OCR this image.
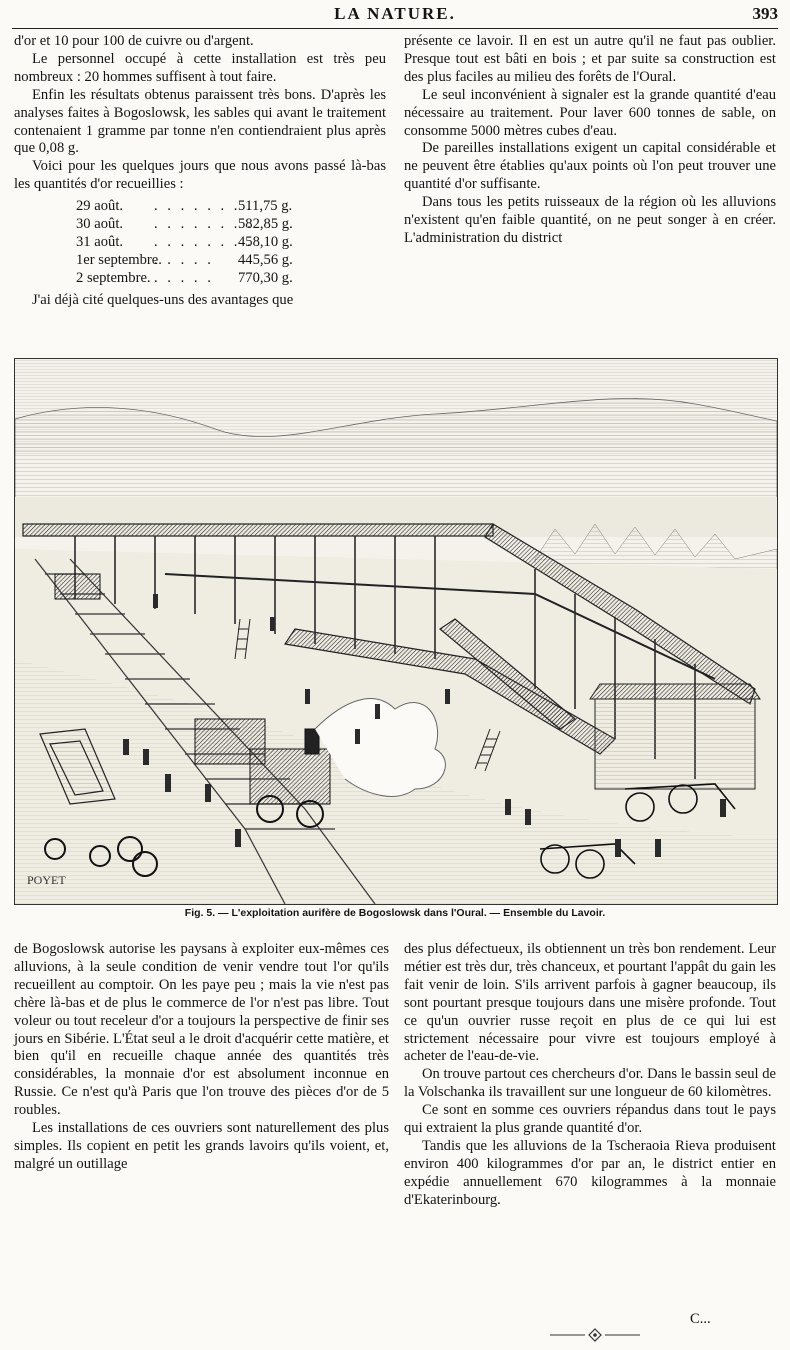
LA NATURE.	393

d'or et 10 pour 100 de cuivre ou d'argent.

Le personnel occupé à cette installation est très peu nombreux : 20 hommes suffisent à tout faire.

Enfin les résultats obtenus paraissent très bons. D'après les analyses faites à Bogoslowsk, les sables qui avant le traitement contenaient 1 gramme par tonne n'en contiendraient plus après que 0,08 g.

Voici pour les quelques jours que nous avons passé là-bas les quantités d'or recueillies :

29 août. . . . . . . . .
511,75 g.
30 août. . . . . . . . .
582,85 g.
31 août. . . . . . . . .
458,10 g.
1er septembre.
. . . . . 445,56 g.
2 septembre. . . . . . 770,30 g.

J'ai déjà cité quelques-uns des avantages que

présente ce lavoir. Il en est un autre qu'il ne faut pas oublier. Presque tout est bâti en bois ; et par suite sa construction est des plus faciles au milieu des forêts de l'Oural.

Le seul inconvénient à signaler est la grande quantité d'eau nécessaire au traitement. Pour laver 600 tonnes de sable, on consomme 5000 mètres cubes d'eau.

De pareilles installations exigent un capital considérable et ne peuvent être établies qu'aux points où l'on peut trouver une quantité d'or suffisante.

Dans tous les petits ruisseaux de la région où les alluvions n'existent qu'en faible quantité, on ne peut songer à en créer. L'administration du district

POYET
Fig. 5. — L'exploitation aurifère de Bogoslowsk dans l'Oural. — Ensemble du Lavoir.

de Bogoslowsk autorise les paysans à exploiter eux-mêmes ces alluvions, à la seule condition de venir vendre tout l'or qu'ils recueillent au comptoir. On les paye peu ; mais la vie n'est pas chère là-bas et de plus le commerce de l'or n'est pas libre. Tout voleur ou tout receleur d'or a toujours la perspective de finir ses jours en Sibérie. L'État seul a le droit d'acquérir cette matière, et bien qu'il en recueille chaque année des quantités très considérables, la monnaie d'or est absolument inconnue en Russie. Ce n'est qu'à Paris que l'on trouve des pièces d'or de 5 roubles.

Les installations de ces ouvriers sont naturellement des plus simples. Ils copient en petit les grands lavoirs qu'ils voient, et, malgré un outillage

des plus défectueux, ils obtiennent un très bon rendement. Leur métier est très dur, très chanceux, et pourtant l'appât du gain les fait venir de loin. S'ils arrivent parfois à gagner beaucoup, ils sont pourtant presque toujours dans une misère profonde. Tout ce qu'un ouvrier russe reçoit en plus de ce qui lui est strictement nécessaire pour vivre est toujours employé à acheter de l'eau-de-vie.

On trouve partout ces chercheurs d'or. Dans le bassin seul de la Volschanka ils travaillent sur une longueur de 60 kilomètres.

Ce sont en somme ces ouvriers répandus dans tout le pays qui extraient la plus grande quantité d'or.

Tandis que les alluvions de la Tscheraoia Rieva produisent environ 400 kilogrammes d'or par an, le district entier en expédie annuellement 670 kilogrammes à la monnaie d'Ekaterinbourg.

C...
